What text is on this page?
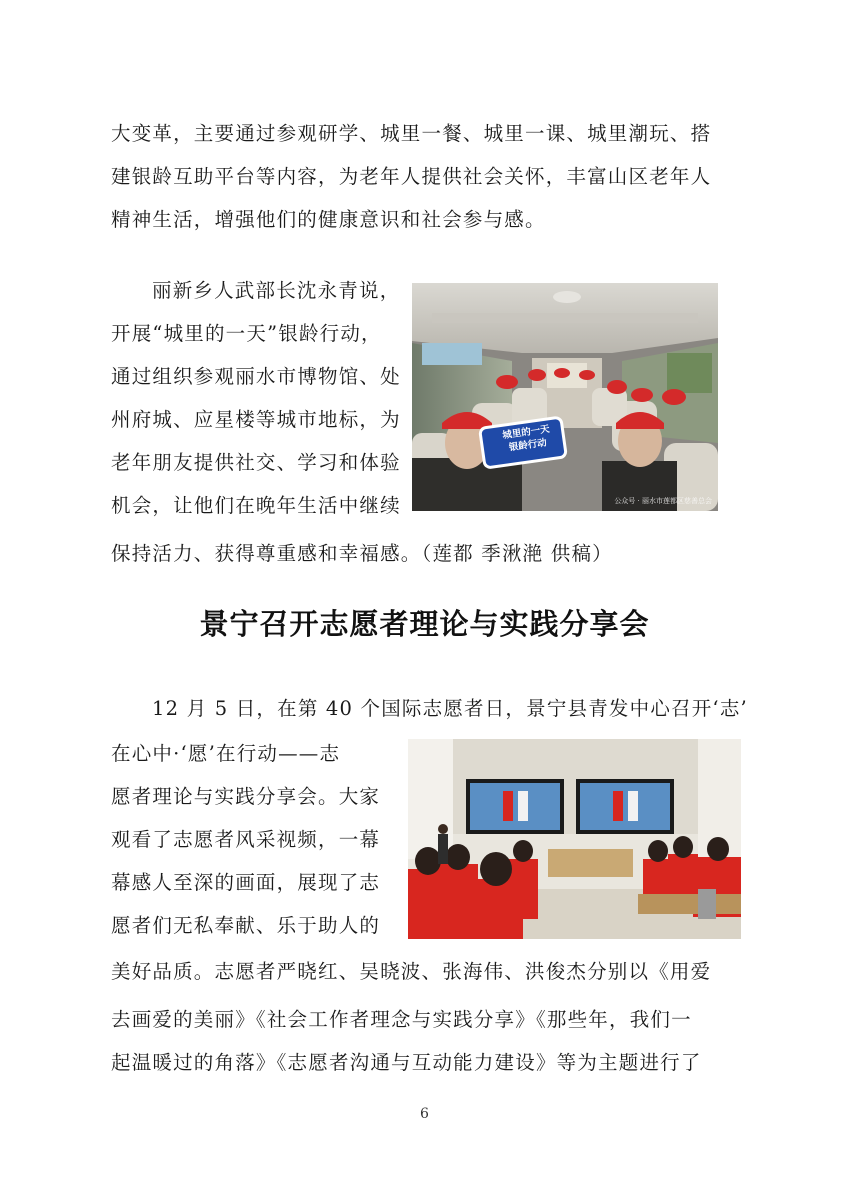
大变革，主要通过参观研学、城里一餐、城里一课、城里潮玩、搭
建银龄互助平台等内容，为老年人提供社会关怀，丰富山区老年人
精神生活，增强他们的健康意识和社会参与感。
丽新乡人武部长沈永青说，
开展“城里的一天”银龄行动，
通过组织参观丽水市博物馆、处
州府城、应星楼等城市地标，为
老年朋友提供社交、学习和体验
机会，让他们在晚年生活中继续
保持活力、获得尊重感和幸福感。（莲都 季湫滟 供稿）
城里的一天
银龄行动
公众号 · 丽水市莲都区慈善总会
景宁召开志愿者理论与实践分享会
12 月 5 日，在第 40 个国际志愿者日，景宁县青发中心召开‘志’
在心中·‘愿’在行动——志
愿者理论与实践分享会。大家
观看了志愿者风采视频，一幕
幕感人至深的画面，展现了志
愿者们无私奉献、乐于助人的
美好品质。志愿者严晓红、吴晓波、张海伟、洪俊杰分别以《用爱
去画爱的美丽》《社会工作者理念与实践分享》《那些年，我们一
起温暖过的角落》《志愿者沟通与互动能力建设》等为主题进行了
6
